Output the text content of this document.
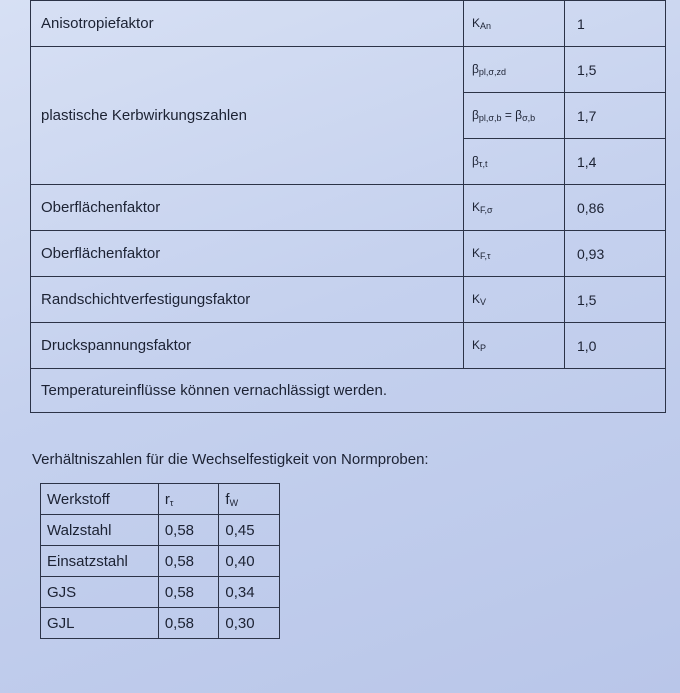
Anisotropiefaktor	$K_{An}$	1
plastische Kerbwirkungszahlen	$\beta_{pl,\sigma,zd}$	1,5
	$\beta_{pl,\sigma,b} = \beta_{\sigma,b}$	1,7
	$\beta_{\tau,t}$	1,4
Oberflächenfaktor	$K_{F,\sigma}$	0,86
Oberflächenfaktor	$K_{F,\tau}$	0,93
Randschichtverfestigungsfaktor	$K_V$	1,5
Druckspannungsfaktor	$K_P$	1,0
Temperatureinflüsse können vernachlässigt werden.		
Verhältniszahlen für die Wechselfestigkeit von Normproben:
Werkstoff	$r_\tau$	$f_W$
Walzstahl	0,58	0,45
Einsatzstahl	0,58	0,40
GJS	0,58	0,34
GJL	0,58	0,30
